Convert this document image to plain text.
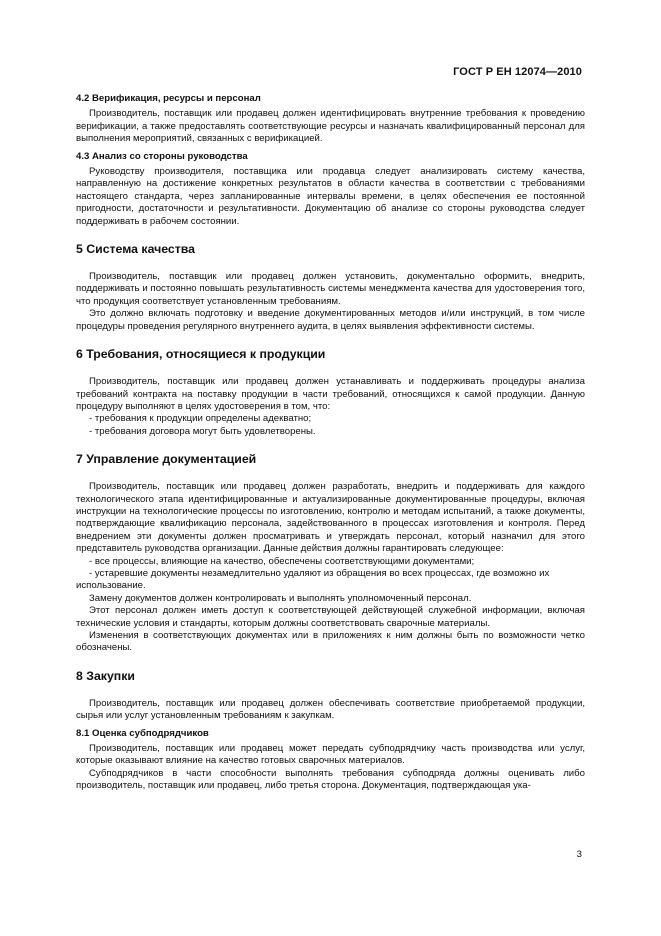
ГОСТ Р ЕН 12074—2010
4.2 Верификация, ресурсы и персонал

Производитель, поставщик или продавец должен идентифицировать внутренние требования к проведению верификации, а также предоставлять соответствующие ресурсы и назначать квалифицированный персонал для выполнения мероприятий, связанных с верификацией.

4.3 Анализ со стороны руководства

Руководству производителя, поставщика или продавца следует анализировать систему качества, направленную на достижение конкретных результатов в области качества в соответствии с требованиями настоящего стандарта, через запланированные интервалы времени, в целях обеспечения ее постоянной пригодности, достаточности и результативности. Документацию об анализе со стороны руководства следует поддерживать в рабочем состоянии.

5 Система качества

Производитель, поставщик или продавец должен установить, документально оформить, внедрить, поддерживать и постоянно повышать результативность системы менеджмента качества для удостоверения того, что продукция соответствует установленным требованиям.

Это должно включать подготовку и введение документированных методов и/или инструкций, в том числе процедуры проведения регулярного внутреннего аудита, в целях выявления эффективности системы.

6 Требования, относящиеся к продукции

Производитель, поставщик или продавец должен устанавливать и поддерживать процедуры анализа требований контракта на поставку продукции в части требований, относящихся к самой продукции. Данную процедуру выполняют в целях удостоверения в том, что:

- требования к продукции определены адекватно;
- требования договора могут быть удовлетворены.
7 Управление документацией

Производитель, поставщик или продавец должен разработать, внедрить и поддерживать для каждого технологического этапа идентифицированные и актуализированные документированные процедуры, включая инструкции на технологические процессы по изготовлению, контролю и методам испытаний, а также документы, подтверждающие квалификацию персонала, задействованного в процессах изготовления и контроля. Перед внедрением эти документы должен просматривать и утверждать персонал, который назначил для этого представитель руководства организации. Данные действия должны гарантировать следующее:

- все процессы, влияющие на качество, обеспечены соответствующими документами;
- устаревшие документы незамедлительно удаляют из обращения во всех процессах, где возможно их использование.

Замену документов должен контролировать и выполнять уполномоченный персонал.

Этот персонал должен иметь доступ к соответствующей действующей служебной информации, включая технические условия и стандарты, которым должны соответствовать сварочные материалы.

Изменения в соответствующих документах или в приложениях к ним должны быть по возможности четко обозначены.

8 Закупки

Производитель, поставщик или продавец должен обеспечивать соответствие приобретаемой продукции, сырья или услуг установленным требованиям к закупкам.

8.1 Оценка субподрядчиков

Производитель, поставщик или продавец может передать субподрядчику часть производства или услуг, которые оказывают влияние на качество готовых сварочных материалов.

Субподрядчиков в части способности выполнять требования субподряда должны оценивать либо производитель, поставщик или продавец, либо третья сторона. Документация, подтверждающая ука-

3
